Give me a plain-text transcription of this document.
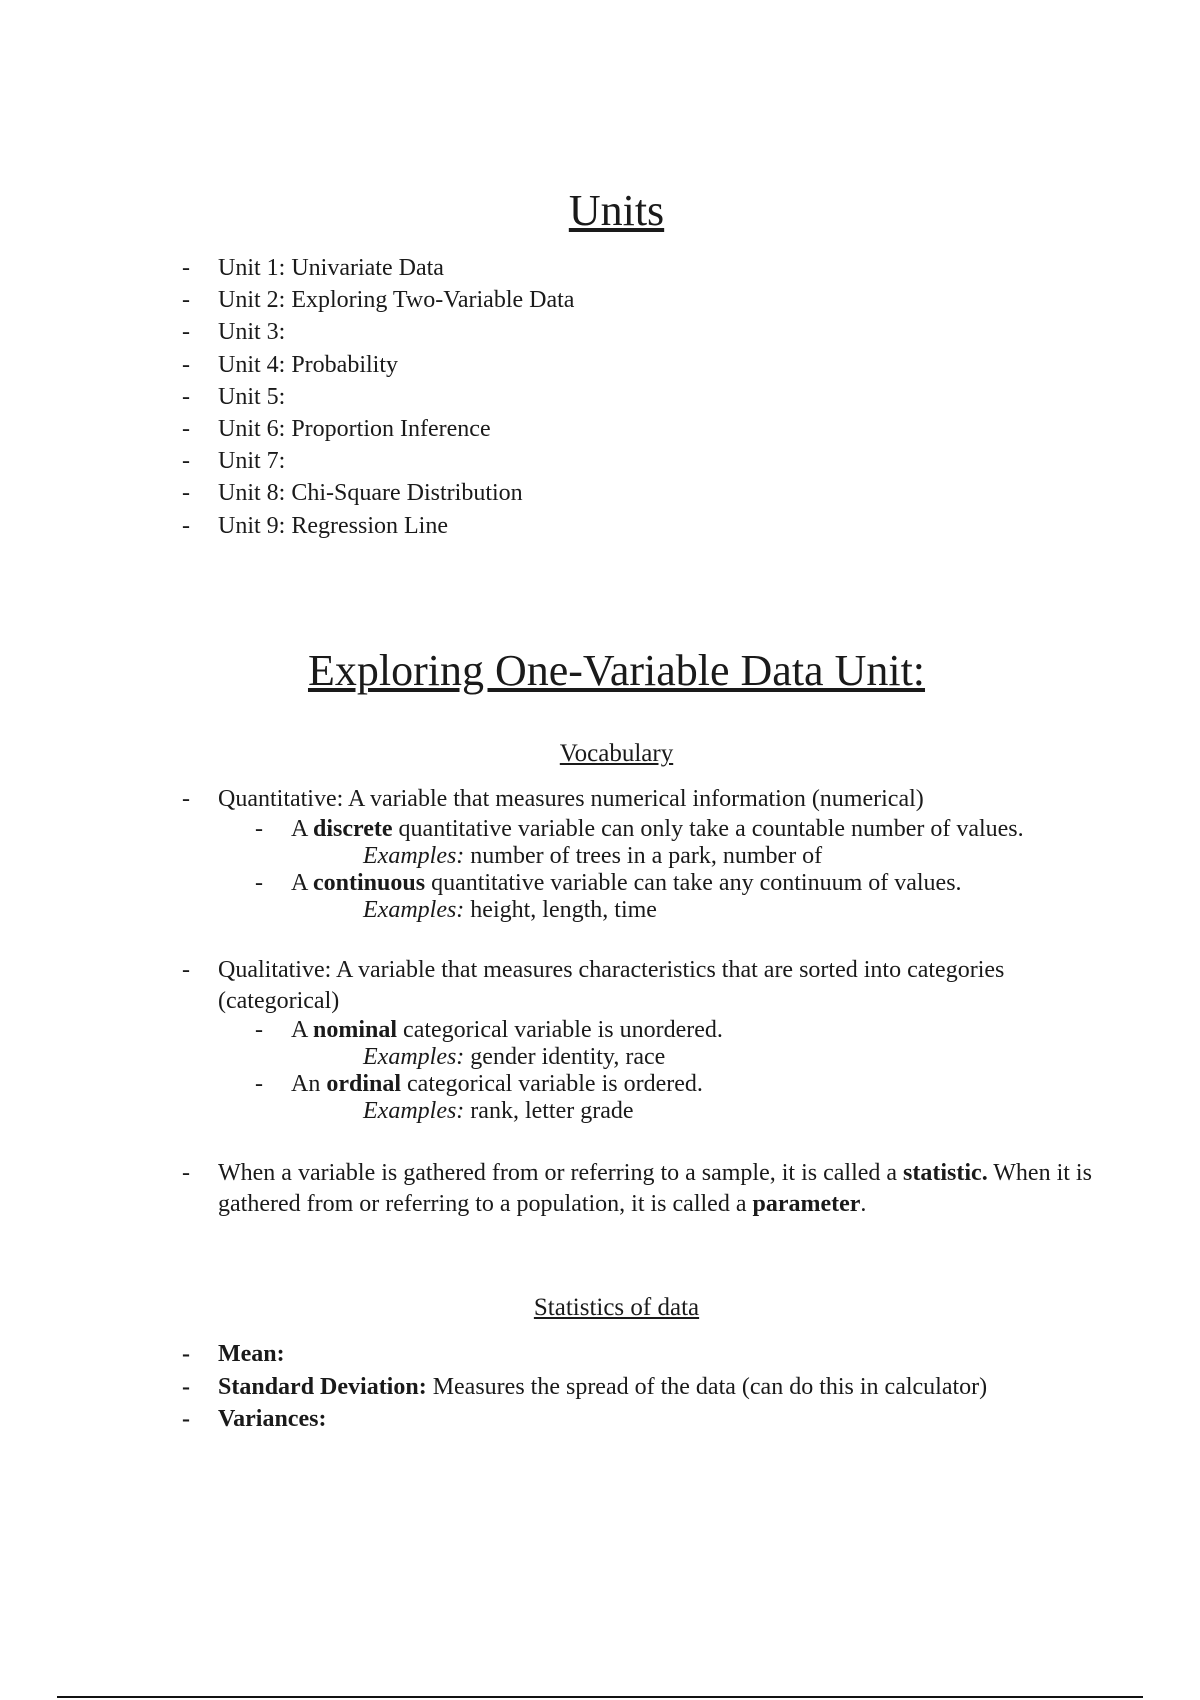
Units
- Unit 1: Univariate Data
- Unit 2: Exploring Two-Variable Data
- Unit 3:
- Unit 4: Probability
- Unit 5:
- Unit 6: Proportion Inference
- Unit 7:
- Unit 8: Chi-Square Distribution
- Unit 9: Regression Line
Exploring One-Variable Data Unit:
Vocabulary

- Quantitative: A variable that measures numerical information (numerical)

- A discrete quantitative variable can only take a countable number of values.

Examples: number of trees in a park, number of

- A continuous quantitative variable can take any continuum of values.

Examples: height, length, time

- Qualitative: A variable that measures characteristics that are sorted into categories (categorical)

- A nominal categorical variable is unordered.

Examples: gender identity, race

- An ordinal categorical variable is ordered.

Examples: rank, letter grade

- When a variable is gathered from or referring to a sample, it is called a statistic. When it is gathered from or referring to a population, it is called a parameter.

Statistics of data
- Mean:
- Standard Deviation: Measures the spread of the data (can do this in calculator)
- Variances:
